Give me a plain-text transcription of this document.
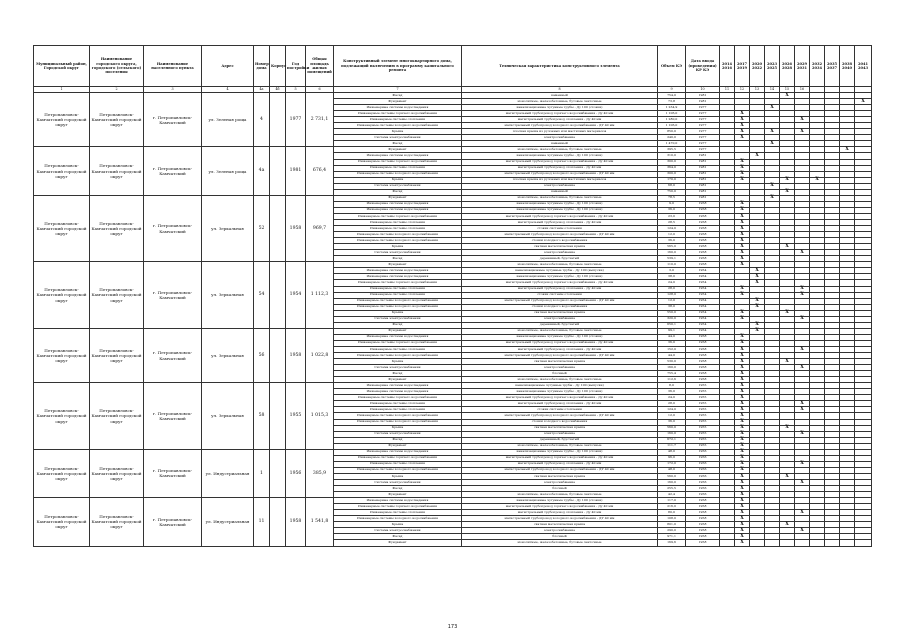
Муниципальный район, Городской округ	Наименование городского округа, городского (сельского) поселения	Наименование населенного пункта	Адрес	Номер дома	Корпус	Год постройки	Общая площадь жилых помещений	Конструктивный элемент многоквартирного дома, подлежащий включению в программу капитального ремонта	Техническая характеристика конструктивного элемента	Объем КЭ	Дата ввода (проведения) КР КЭ	2014 2016	2017 2019	2020 2022	2023 2025	2026 2028	2029 2031	2032 2034	2035 2037	2038 2040	2041 2043
1	2	3	4	4а	4б	5	6	7	8	9	10	11	12	13	14	15	16				
Петропавловск-Камчатский городской округ	Петропавловск-Камчатский городской округ	г. Петропавловск-Камчатский	ул. Зеленая роща	4		1977	2 731,1	Фасад	каменный	754,0	1981					X					
								Фундамент	монолитные, железобетонные, бутовые ленточные	73,8	1981										X
								Инженерные системы водоотведения	канализационные чугунные трубы - Ду 100 (стояки)	1 234,9	1977				X						
								Инженерные системы горячего водоснабжения	магистральный трубопровод горячего водоснабжения - Ду 40 мм	1 106,0	1977		X								
								Инженерные системы отопления	магистральный трубопровод отопления - Ду 40 мм	1 280,0	1977		X				X				
								Инженерные системы холодного водоснабжения	магистральный трубопровод холодного водоснабжения - ДУ 40 мм	1 106,0	1977		X								
								Крыша	плоская крыша из рулонных или мастичных материалов	850,0	1977		X		X		X				
								Система электроснабжения	электроснабжение	240,0	1977		X								
								Фасад	каменный	1 470,0	1977				X						
Петропавловск-Камчатский городской округ	Петропавловск-Камчатский городской округ	г. Петропавловск-Камчатский	ул. Зеленая роща	4а		1981	676,4	Фундамент	монолитные, железобетонные, бутовые ленточные	395,5	1977									X	
								Инженерные системы водоотведения	канализационные чугунные трубы - Ду 100 (стояки)	310,0	1981			X							
								Инженерные системы горячего водоснабжения	магистральный трубопровод горячего водоснабжения - Ду 40 мм	300,0	1981		X								
								Инженерные системы отопления	магистральный трубопровод отопления - Ду 40 мм	364,0	1981		X								
								Инженерные системы холодного водоснабжения	магистральный трубопровод холодного водоснабжения - ДУ 40 мм	300,0	1981		X								
								Крыша	плоская крыша из рулонных или мастичных материалов	170,0	1981		X			X		X			
								Система электроснабжения	электроснабжение	68,0	1981				X						
								Фасад	каменный	750,0	1981					X					
Петропавловск-Камчатский городской округ	Петропавловск-Камчатский городской округ	г. Петропавловск-Камчатский	ул. Зеркальная	52		1958	969,7	Фундамент	монолитные, железобетонные, бутовые ленточные	78,5	1981				X						
								Инженерные системы водоотведения	канализационные чугунные трубы - Ду 100 (стояки)	9,0	1958		X								
								Инженерные системы водоотведения	канализационные чугунные трубы - Ду 100 (стояки)	36,0	1958		X								
								Инженерные системы горячего водоснабжения	магистральный трубопровод горячего водоснабжения - Ду 40 мм	23,0	1958		X								
								Инженерные системы отопления	магистральный трубопровод отопления - Ду 40 мм	28,5	1958		X								
								Инженерные системы отопления	стояки системы отопления	124,0	1958		X								
								Инженерные системы холодного водоснабжения	магистральный трубопровод холодного водоснабжения - ДУ 40 мм	12,0	1958		X								
								Инженерные системы холодного водоснабжения	стояки холодного водоснабжения	36,0	1958		X								
								Крыша	скатная металлическая крыша	565,0	1958		X			X					
								Система электроснабжения	электроснабжение	160,0	1958		X				X				
								Фасад	деревянный, брусчатый	539,1	1958		X								
Петропавловск-Камчатский городской округ	Петропавловск-Камчатский городской округ	г. Петропавловск-Камчатский	ул. Зеркальная	54		1954	1 112,3	Фундамент	монолитные, железобетонные, бутовые ленточные	110,0	1958		X								
								Инженерные системы водоотведения	канализационные чугунные трубы - Ду 100 (выпуски)	3,0	1954			X							
								Инженерные системы водоотведения	канализационные чугунные трубы - Ду 100 (стояки)	38,0	1954			X							
								Инженерные системы горячего водоснабжения	магистральный трубопровод горячего водоснабжения - Ду 40 мм	24,0	1954			X							
								Инженерные системы отопления	магистральный трубопровод отопления - Ду 40 мм	28,0	1954		X				X				
								Инженерные системы отопления	стояки системы отопления	128,0	1954		X				X				
								Инженерные системы холодного водоснабжения	магистральный трубопровод холодного водоснабжения - ДУ 40 мм	12,0	1954			X							
								Инженерные системы холодного водоснабжения	стояки холодного водоснабжения	38,0	1954			X							
								Крыша	скатная металлическая крыша	550,0	1954		X			X					
								Система электроснабжения	электроснабжение	320,0	1954		X				X				
								Фасад	деревянный, брусчатый	650,1	1954			X							
Петропавловск-Камчатский городской округ	Петропавловск-Камчатский городской округ	г. Петропавловск-Камчатский	ул. Зеркальная	56		1958	1 022,8	Фундамент	монолитные, железобетонные, бутовые ленточные	99,1	1954			X							
								Инженерные системы водоотведения	канализационные чугунные трубы - Ду 100 (стояки)	44,0	1958		X								
								Инженерные системы горячего водоснабжения	магистральный трубопровод горячего водоснабжения - Ду 40 мм	36,0	1958		X								
								Инженерные системы отопления	магистральный трубопровод отопления - Ду 40 мм	152,0	1958		X				X				
								Инженерные системы холодного водоснабжения	магистральный трубопровод холодного водоснабжения - ДУ 40 мм	44,0	1958		X								
								Крыша	скатная металлическая крыша	530,0	1958		X			X					
								Система электроснабжения	электроснабжение	160,0	1958		X				X				
								Фасад	блочный	755,4	1958		X								
								Фундамент	монолитные, железобетонные, бутовые ленточные	112,6	1958		X								
Петропавловск-Камчатский городской округ	Петропавловск-Камчатский городской округ	г. Петропавловск-Камчатский	ул. Зеркальная	58		1955	1 015,3	Инженерные системы водоотведения	канализационные чугунные трубы - Ду 100 (выпуски)	8,0	1955		X								
								Инженерные системы водоотведения	канализационные чугунные трубы - Ду 100 (стояки)	36,0	1955		X								
								Инженерные системы горячего водоснабжения	магистральный трубопровод горячего водоснабжения - Ду 40 мм	24,0	1955		X								
								Инженерные системы отопления	магистральный трубопровод отопления - Ду 40 мм	28,0	1955		X				X				
								Инженерные системы отопления	стояки системы отопления	124,0	1955		X				X				
								Инженерные системы холодного водоснабжения	магистральный трубопровод холодного водоснабжения - ДУ 40 мм	12,0	1955		X								
								Инженерные системы холодного водоснабжения	стояки холодного водоснабжения	36,0	1955		X								
								Крыша	скатная металлическая крыша	560,0	1955		X			X					
								Система электроснабжения	электроснабжение	160,0	1955		X				X				
								Фасад	деревянный, брусчатый	672,1	1955		X								
								Фундамент	монолитные, железобетонные, бутовые ленточные	111,7	1955		X								
Петропавловск-Камчатский городской округ	Петропавловск-Камчатский городской округ	г. Петропавловск-Камчатский	ул. Индустриальная	1		1956	385,9	Инженерные системы водоотведения	канализационные чугунные трубы - Ду 100 (стояки)	48,0	1956		X								
								Инженерные системы горячего водоснабжения	магистральный трубопровод горячего водоснабжения - Ду 40 мм	96,0	1956		X								
								Инженерные системы отопления	магистральный трубопровод отопления - Ду 40 мм	172,0	1956		X				X				
								Инженерные системы холодного водоснабжения	магистральный трубопровод холодного водоснабжения - ДУ 40 мм	48,0	1956		X								
								Крыша	скатная металлическая крыша	560,0	1956		X			X					
								Система электроснабжения	электроснабжение	160,0	1956		X				X				
								Фасад	блочный	255,5	1956		X								
								Фундамент	монолитные, железобетонные, бутовые ленточные	42,4	1956		X								
Петропавловск-Камчатский городской округ	Петропавловск-Камчатский городской округ	г. Петропавловск-Камчатский	ул. Индустриальная	11		1958	1 541,8	Инженерные системы водоотведения	канализационные чугунные трубы - Ду 100 (стояки)	117,0	1958		X								
								Инженерные системы горячего водоснабжения	магистральный трубопровод горячего водоснабжения - Ду 40 мм	216,0	1958		X								
								Инженерные системы отопления	магистральный трубопровод отопления - Ду 40 мм	80,0	1958		X				X				
								Инженерные системы холодного водоснабжения	магистральный трубопровод холодного водоснабжения - ДУ 40 мм	108,0	1958		X								
								Крыша	скатная металлическая крыша	801,0	1958		X			X					
								Система электроснабжения	электроснабжение	290,0	1958		X				X				
								Фасад	блочный	971,1	1958		X								
								Фундамент	монолитные, железобетонные, бутовые ленточные	169,6	1958		X								
173
